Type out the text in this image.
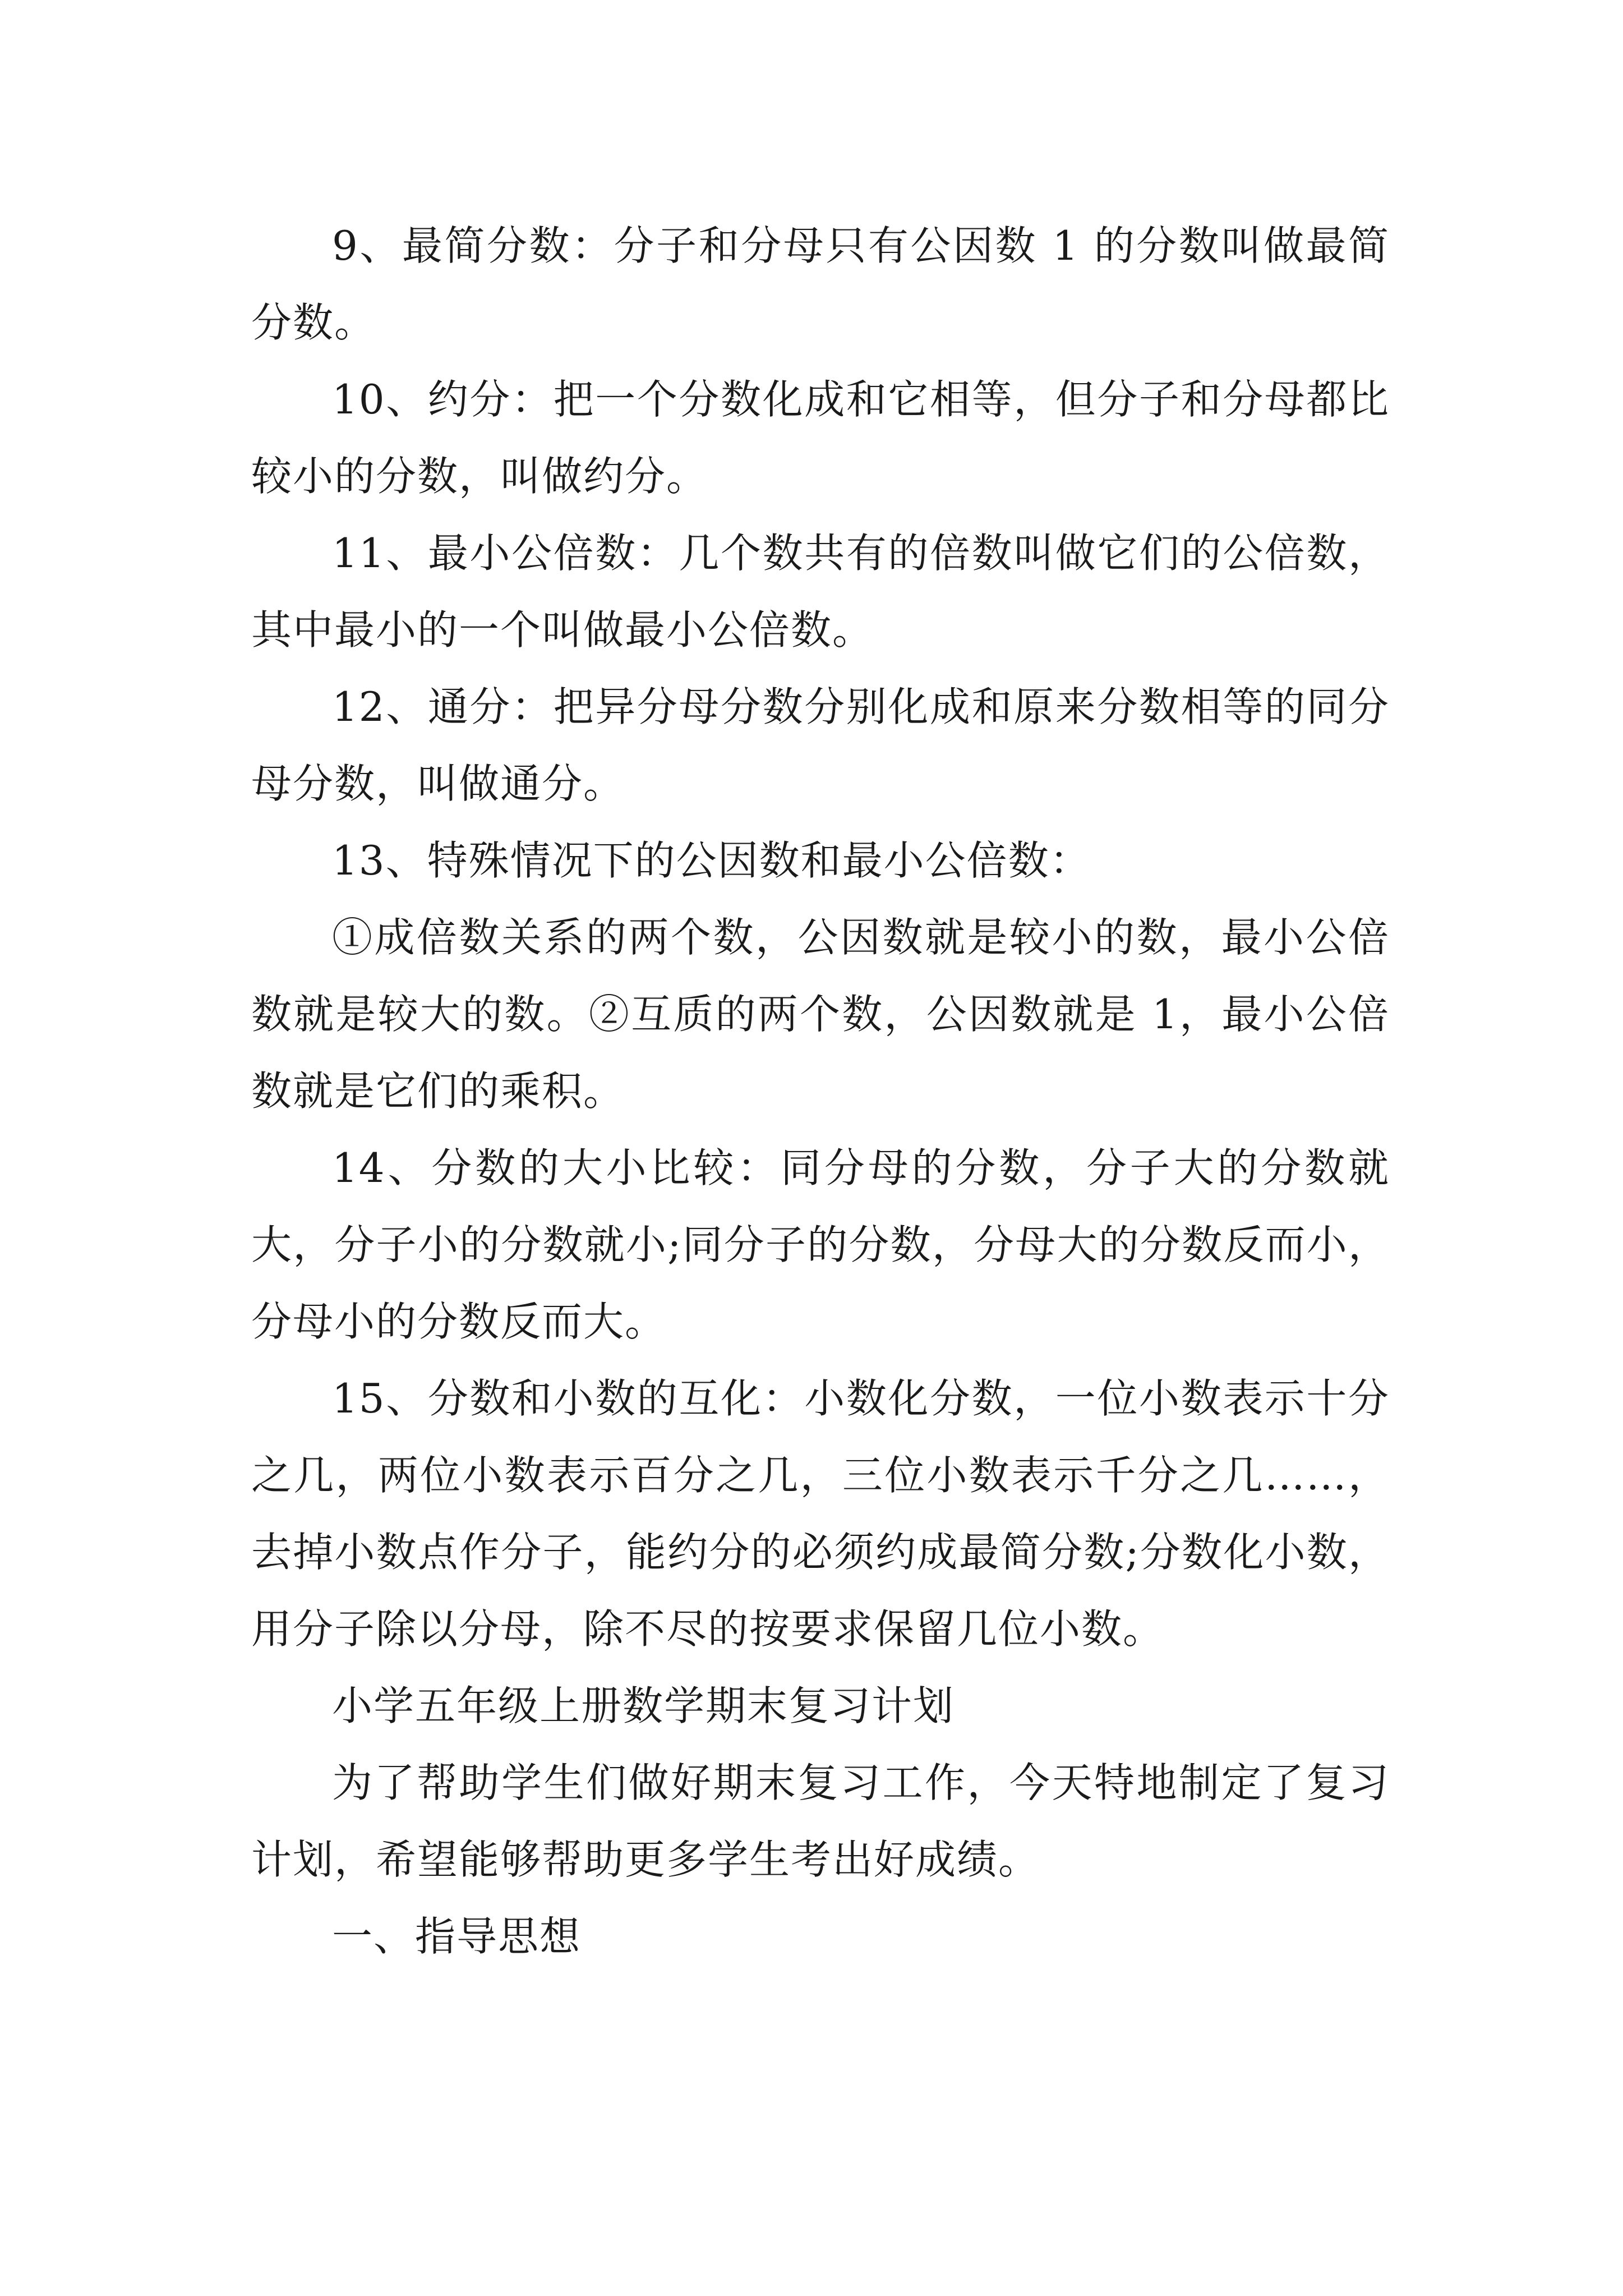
9、最简分数：分子和分母只有公因数 1 的分数叫做最简分数。

10、约分：把一个分数化成和它相等，但分子和分母都比较小的分数，叫做约分。

11、最小公倍数：几个数共有的倍数叫做它们的公倍数，其中最小的一个叫做最小公倍数。

12、通分：把异分母分数分别化成和原来分数相等的同分母分数，叫做通分。

13、特殊情况下的公因数和最小公倍数：

①成倍数关系的两个数，公因数就是较小的数，最小公倍数就是较大的数。②互质的两个数，公因数就是 1，最小公倍数就是它们的乘积。

14、分数的大小比较：同分母的分数，分子大的分数就大，分子小的分数就小;同分子的分数，分母大的分数反而小，分母小的分数反而大。

15、分数和小数的互化：小数化分数，一位小数表示十分之几，两位小数表示百分之几，三位小数表示千分之几……，去掉小数点作分子，能约分的必须约成最简分数;分数化小数，用分子除以分母，除不尽的按要求保留几位小数。

小学五年级上册数学期末复习计划

为了帮助学生们做好期末复习工作，今天特地制定了复习计划，希望能够帮助更多学生考出好成绩。

一、指导思想
